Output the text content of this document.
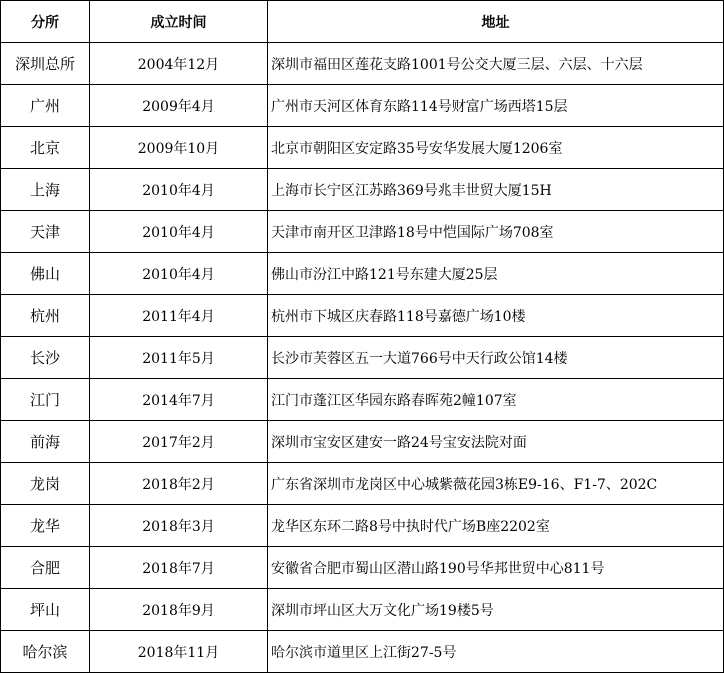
分所	成立时间	地址
深圳总所	2004年12月	深圳市福田区莲花支路1001号公交大厦三层、六层、十六层
广州	2009年4月	广州市天河区体育东路114号财富广场西塔15层
北京	2009年10月	北京市朝阳区安定路35号安华发展大厦1206室
上海	2010年4月	上海市长宁区江苏路369号兆丰世贸大厦15H
天津	2010年4月	天津市南开区卫津路18号中恺国际广场708室
佛山	2010年4月	佛山市汾江中路121号东建大厦25层
杭州	2011年4月	杭州市下城区庆春路118号嘉德广场10楼
长沙	2011年5月	长沙市芙蓉区五一大道766号中天行政公馆14楼
江门	2014年7月	江门市蓬江区华园东路春晖苑2幢107室
前海	2017年2月	深圳市宝安区建安一路24号宝安法院对面
龙岗	2018年2月	广东省深圳市龙岗区中心城紫薇花园3栋E9-16、F1-7、202C
龙华	2018年3月	龙华区东环二路8号中执时代广场B座2202室
合肥	2018年7月	安徽省合肥市蜀山区潜山路190号华邦世贸中心811号
坪山	2018年9月	深圳市坪山区大万文化广场19楼5号
哈尔滨	2018年11月	哈尔滨市道里区上江街27-5号
